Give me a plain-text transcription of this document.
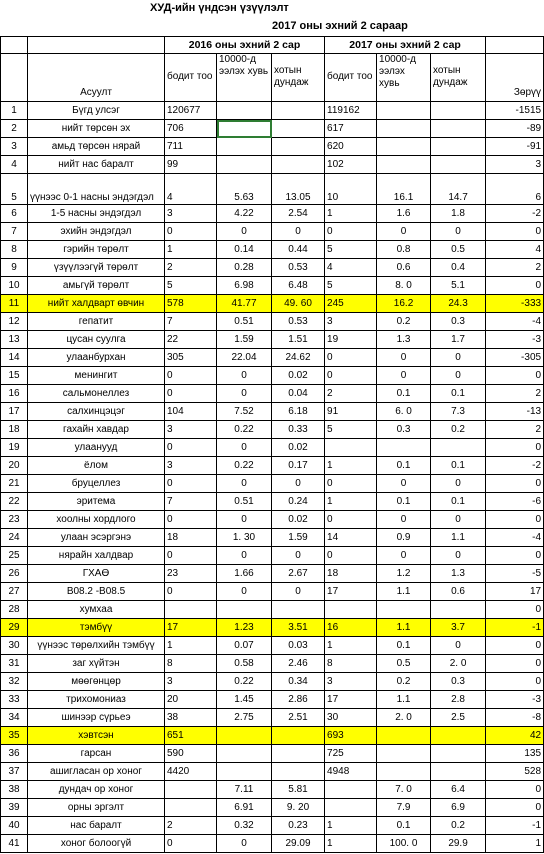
ХУД-ийн үндсэн үзүүлэлт
2017 оны эхний 2 сараар
		2016 оны эхний 2 сар			2017 оны эхний 2 сар			
	Асуулт	бодит тоо	10000-д ээлэх хувь	хотын дундаж	бодит тоо	10000-д ээлэх хувь	хотын дундаж	Зөрүү
1	Бүгд улсэг	120677			119162			-1515
2	нийт төрсөн эх	706			617			-89
3	амьд төрсөн нярай	711			620			-91
4	нийт нас баралт	99			102			3
5	үүнээс 0-1 насны эндэгдэл	4	5.63	13.05	10	16.1	14.7	6
6	1-5 насны эндэгдэл	3	4.22	2.54	1	1.6	1.8	-2
7	эхийн эндэгдэл	0	0	0	0	0	0	0
8	гэрийн төрөлт	1	0.14	0.44	5	0.8	0.5	4
9	үзүүлээгүй төрөлт	2	0.28	0.53	4	0.6	0.4	2
10	амьгүй төрөлт	5	6.98	6.48	5	8. 0	5.1	0
11	нийт халдварт өвчин	578	41.77	49. 60	245	16.2	24.3	-333
12	гепатит	7	0.51	0.53	3	0.2	0.3	-4
13	цусан суулга	22	1.59	1.51	19	1.3	1.7	-3
14	улаанбурхан	305	22.04	24.62	0	0	0	-305
15	менингит	0	0	0.02	0	0	0	0
16	сальмонеллез	0	0	0.04	2	0.1	0.1	2
17	салхинцэцэг	104	7.52	6.18	91	6. 0	7.3	-13
18	гахайн хавдар	3	0.22	0.33	5	0.3	0.2	2
19	улаанууд	0	0	0.02				0
20	ёлом	3	0.22	0.17	1	0.1	0.1	-2
21	бруцеллез	0	0	0	0	0	0	0
22	эритема	7	0.51	0.24	1	0.1	0.1	-6
23	хоолны хордлого	0	0	0.02	0	0	0	0
24	улаан эсэргэнэ	18	1. 30	1.59	14	0.9	1.1	-4
25	нярайн халдвар	0	0	0	0	0	0	0
26	ГХАӨ	23	1.66	2.67	18	1.2	1.3	-5
27	В08.2 -В08.5	0	0	0	17	1.1	0.6	17
28	хумхаа							0
29	тэмбүү	17	1.23	3.51	16	1.1	3.7	-1
30	үүнээс төрөлхийн тэмбүү	1	0.07	0.03	1	0.1	0	0
31	заг хүйтэн	8	0.58	2.46	8	0.5	2. 0	0
32	мөөгөнцөр	3	0.22	0.34	3	0.2	0.3	0
33	трихомониаз	20	1.45	2.86	17	1.1	2.8	-3
34	шинээр сүрьеэ	38	2.75	2.51	30	2. 0	2.5	-8
35	хэвтсэн	651			693			42
36	гарсан	590			725			135
37	ашигласан ор хоног	4420			4948			528
38	дундач ор хоног		7.11	5.81		7. 0	6.4	0
39	орны эргэлт		6.91	9. 20		7.9	6.9	0
40	нас баралт	2	0.32	0.23	1	0.1	0.2	-1
41	хоног болоогүй	0	0	29.09	1	100. 0	29.9	1
